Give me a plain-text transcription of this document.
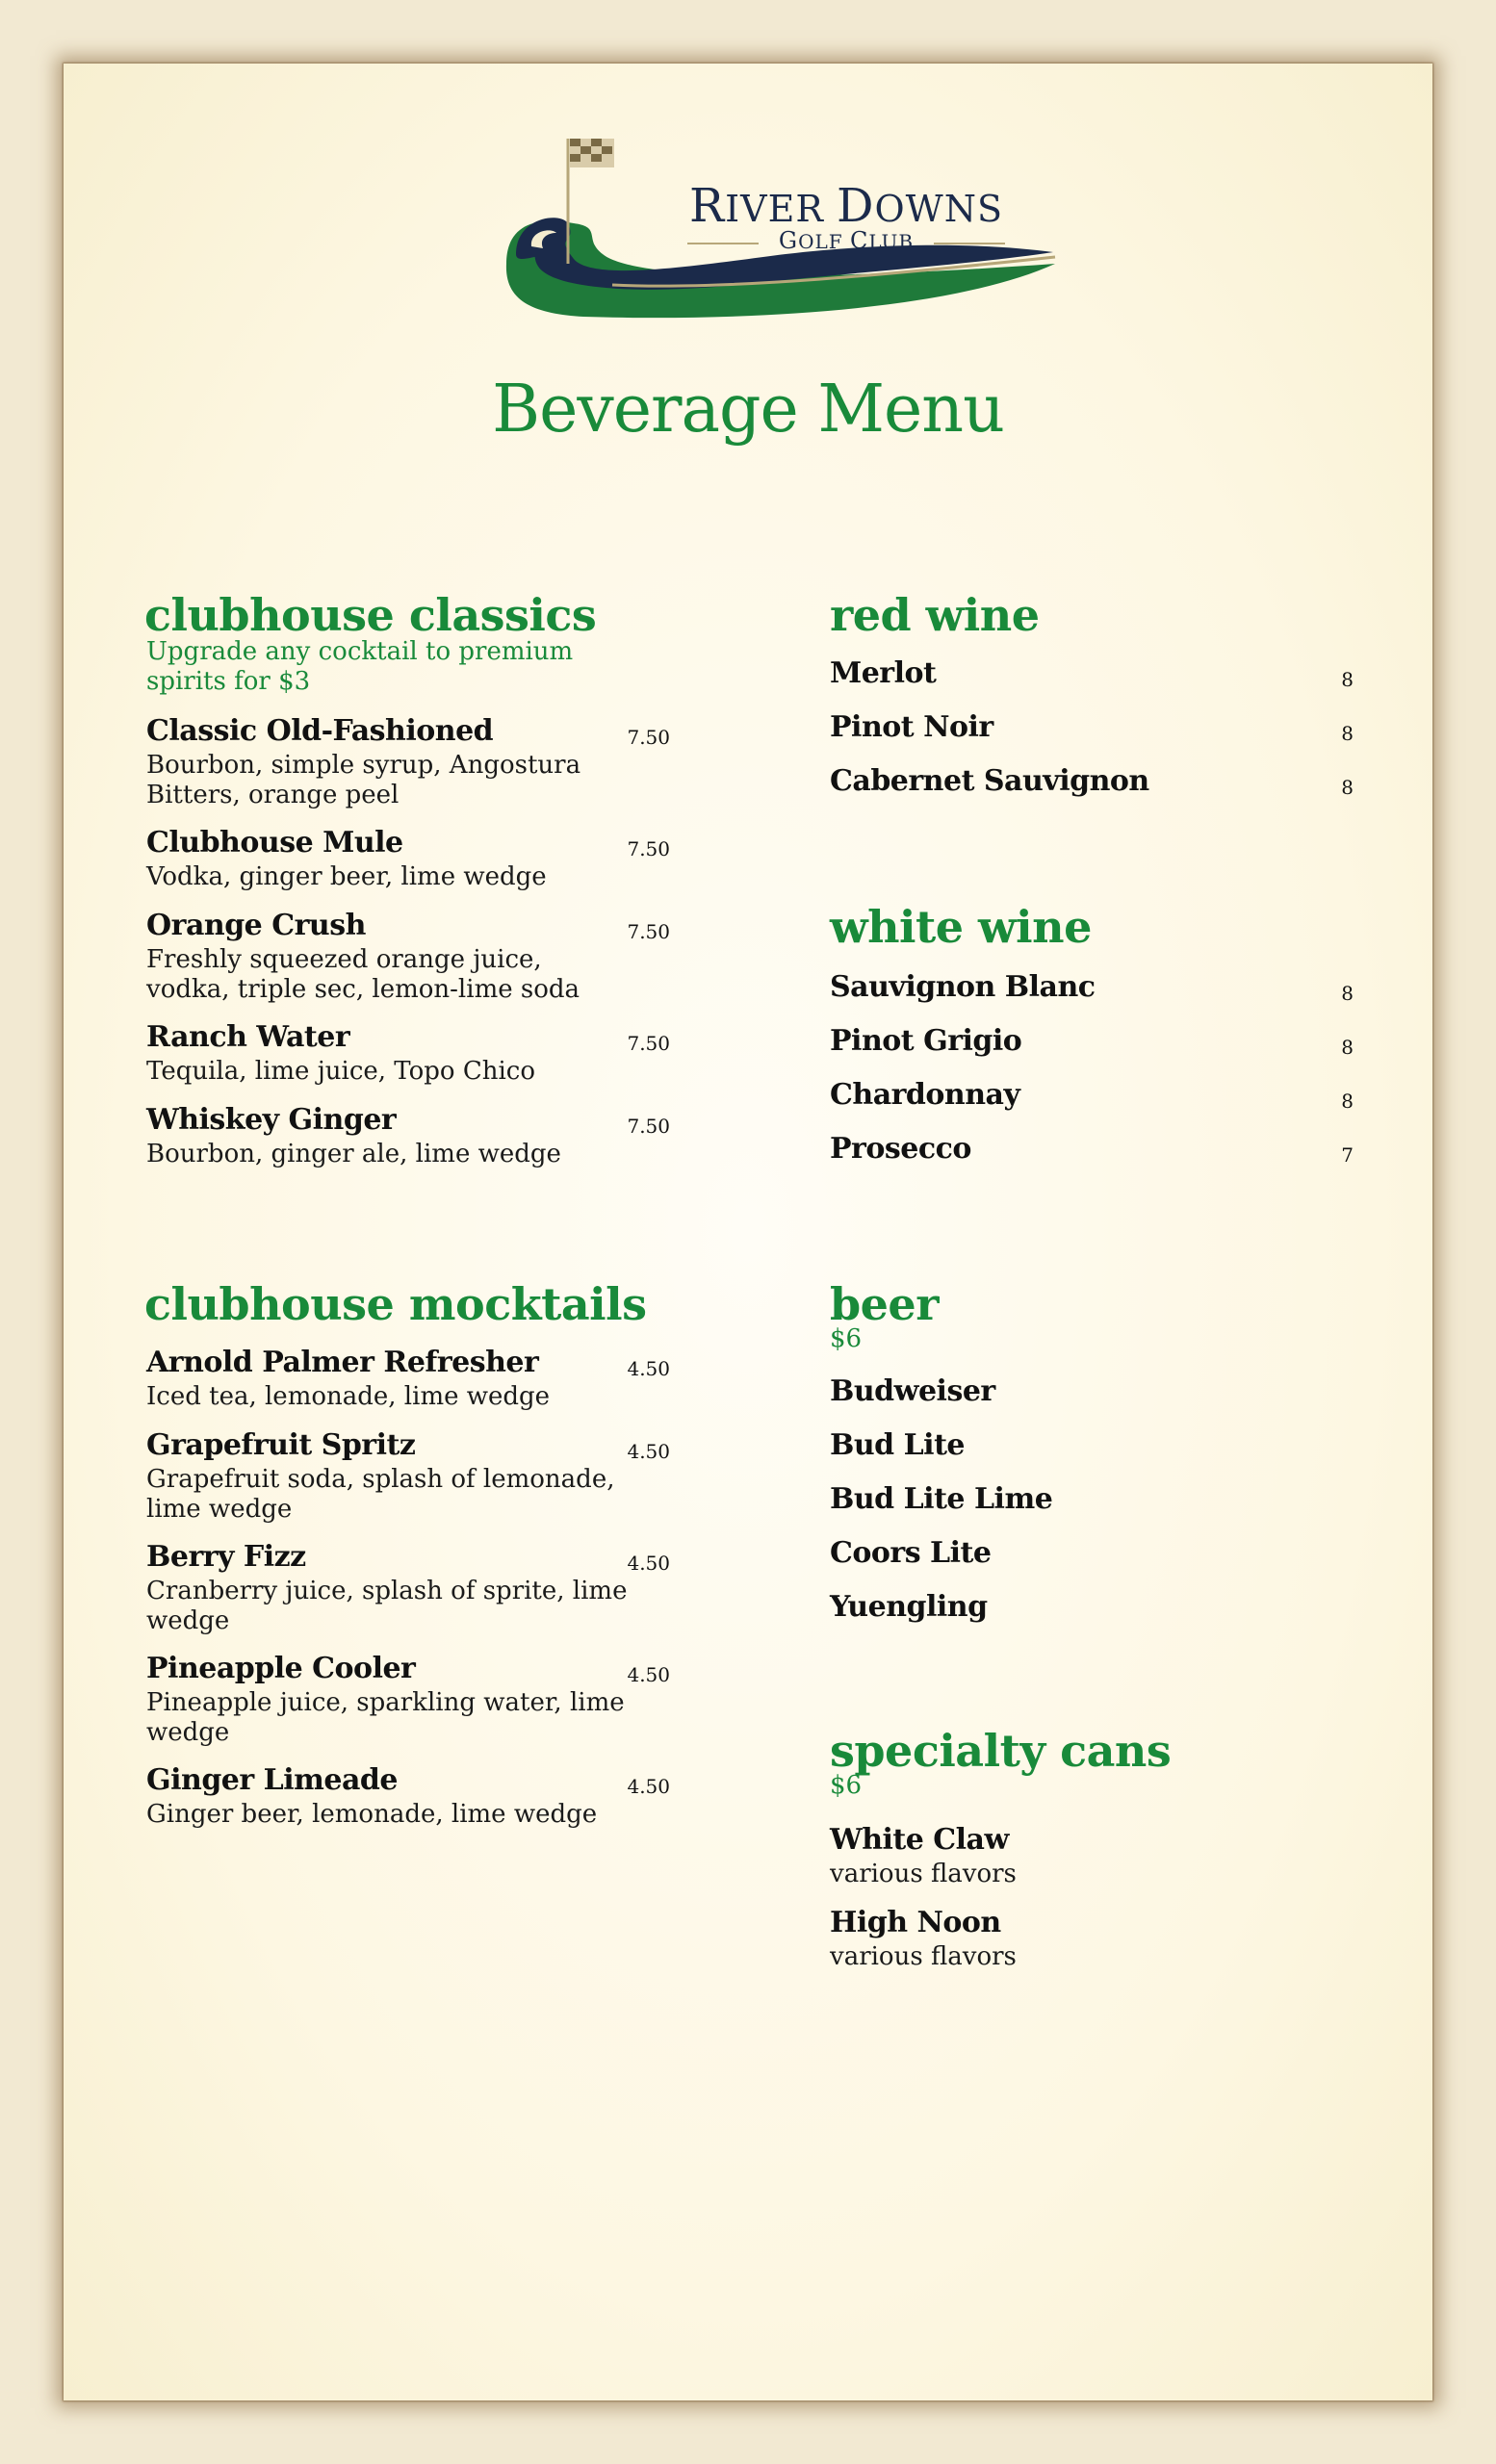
RIVER DOWNS
GOLF CLUB
Beverage Menu
clubhouse classics
Upgrade any cocktail to premium spirits for $3
Classic Old-Fashioned	7.50
Bourbon, simple syrup, Angostura Bitters, orange peel
Clubhouse Mule	7.50
Vodka, ginger beer, lime wedge
Orange Crush	7.50
Freshly squeezed orange juice, vodka, triple sec, lemon-lime soda
Ranch Water	7.50
Tequila, lime juice, Topo Chico
Whiskey Ginger	7.50
Bourbon, ginger ale, lime wedge
clubhouse mocktails
Arnold Palmer Refresher	4.50
Iced tea, lemonade, lime wedge
Grapefruit Spritz	4.50
Grapefruit soda, splash of lemonade, lime wedge
Berry Fizz	4.50
Cranberry juice, splash of sprite, lime wedge
Pineapple Cooler	4.50
Pineapple juice, sparkling water, lime wedge
Ginger Limeade	4.50
Ginger beer, lemonade, lime wedge
red wine
Merlot	8
Pinot Noir	8
Cabernet Sauvignon	8
white wine
Sauvignon Blanc	8
Pinot Grigio	8
Chardonnay	8
Prosecco	7
beer
$6
Budweiser
Bud Lite
Bud Lite Lime
Coors Lite
Yuengling
specialty cans
$6
White Claw
various flavors
High Noon
various flavors
